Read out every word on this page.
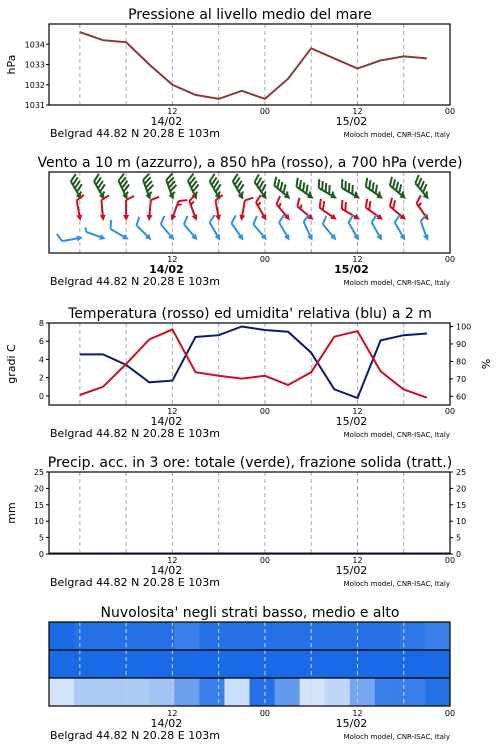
Pressione al livello medio del mare
12	00	12	00
14/02	15/02
Belgrad 44.82 N 20.28 E 103m	Moloch model, CNR-ISAC, Italy
1031
1032
1033
1034
hPa
Vento a 10 m (azzurro), a 850 hPa (rosso), a 700 hPa (verde)
12	00	12	00
14/02	15/02
Belgrad 44.82 N 20.28 E 103m	Moloch model, CNR-ISAC, Italy
Temperatura (rosso) ed umidita' relativa (blu) a 2 m
12	00	12	00
14/02	15/02
Belgrad 44.82 N 20.28 E 103m	Moloch model, CNR-ISAC, Italy
0
2
4
6
8
60
70
80
90
100
gradi C	%
Precip. acc. in 3 ore: totale (verde), frazione solida (tratt.)
12	00	12	00
14/02	15/02
Belgrad 44.82 N 20.28 E 103m	Moloch model, CNR-ISAC, Italy
0	0
5	5
10	10
15	15
20	20
25	25
mm
Nuvolosita' negli strati basso, medio e alto
12	00	12	00
14/02	15/02
Belgrad 44.82 N 20.28 E 103m	Moloch model, CNR-ISAC, Italy
